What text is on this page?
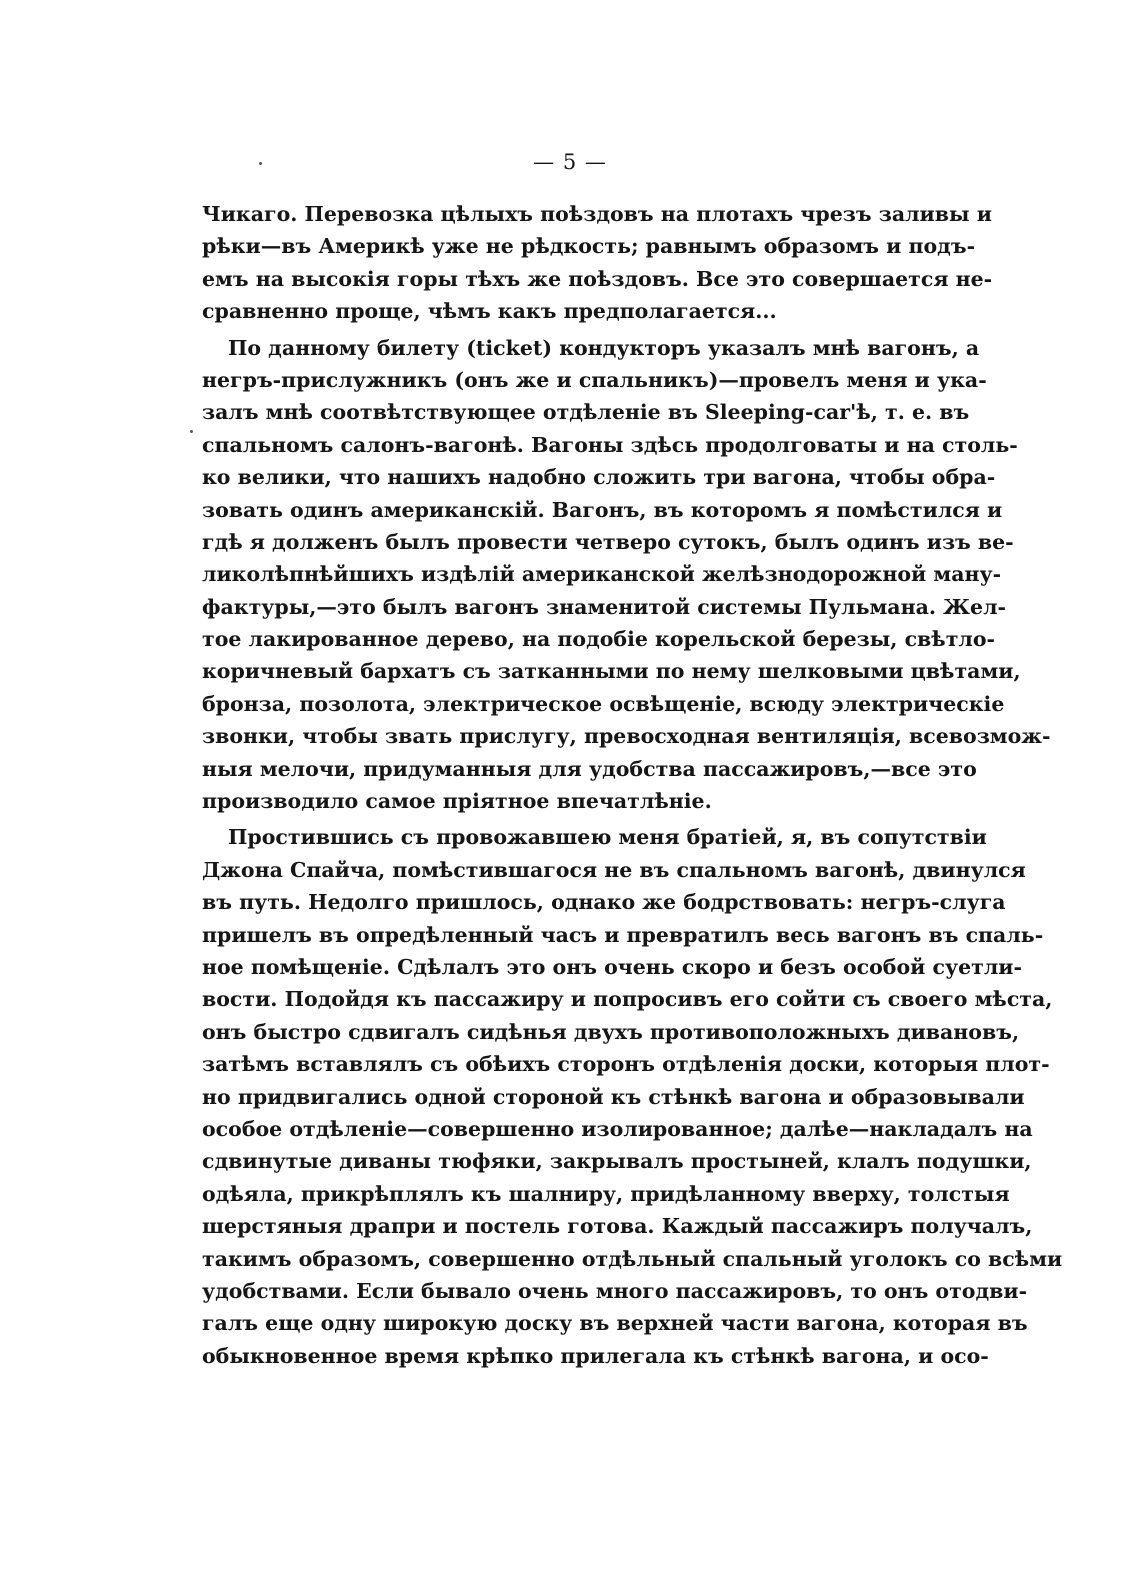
— 5 —
Чикаго. Перевозка цѣлыхъ поѣздовъ на плотахъ чрезъ заливы и
рѣки—въ Америкѣ уже не рѣдкость; равнымъ образомъ и подъ-
емъ на высокія горы тѣхъ же поѣздовъ. Все это совершается не-
сравненно проще, чѣмъ какъ предполагается...
По данному билету (ticket) кондукторъ указалъ мнѣ вагонъ, а
негръ-прислужникъ (онъ же и спальникъ)—провелъ меня и ука-
залъ мнѣ соотвѣтствующее отдѣленіе въ Sleeping-car'ѣ, т. е. въ
спальномъ салонъ-вагонѣ. Вагоны здѣсь продолговаты и на столь-
ко велики, что нашихъ надобно сложить три вагона, чтобы обра-
зовать одинъ американскій. Вагонъ, въ которомъ я помѣстился и
гдѣ я долженъ былъ провести четверо сутокъ, былъ одинъ изъ ве-
ликолѣпнѣйшихъ издѣлій американской желѣзнодорожной ману-
фактуры,—это былъ вагонъ знаменитой системы Пульмана. Жел-
тое лакированное дерево, на подобіе корельской березы, свѣтло-
коричневый бархатъ съ затканными по нему шелковыми цвѣтами,
бронза, позолота, электрическое освѣщеніе, всюду электрическіе
звонки, чтобы звать прислугу, превосходная вентиляція, всевозмож-
ныя мелочи, придуманныя для удобства пассажировъ,—все это
производило самое пріятное впечатлѣніе.
Простившись съ провожавшею меня братіей, я, въ сопутствіи
Джона Спайча, помѣстившагося не въ спальномъ вагонѣ, двинулся
въ путь. Недолго пришлось, однако же бодрствовать: негръ-слуга
пришелъ въ опредѣленный часъ и превратилъ весь вагонъ въ спаль-
ное помѣщеніе. Сдѣлалъ это онъ очень скоро и безъ особой суетли-
вости. Подойдя къ пассажиру и попросивъ его сойти съ своего мѣста,
онъ быстро сдвигалъ сидѣнья двухъ противоположныхъ дивановъ,
затѣмъ вставлялъ съ обѣихъ сторонъ отдѣленія доски, которыя плот-
но придвигались одной стороной къ стѣнкѣ вагона и образовывали
особое отдѣленіе—совершенно изолированное; далѣе—накладалъ на
сдвинутые диваны тюфяки, закрывалъ простыней, клалъ подушки,
одѣяла, прикрѣплялъ къ шалниру, придѣланному вверху, толстыя
шерстяныя драпри и постель готова. Каждый пассажиръ получалъ,
такимъ образомъ, совершенно отдѣльный спальный уголокъ со всѣми
удобствами. Если бывало очень много пассажировъ, то онъ отодви-
галъ еще одну широкую доску въ верхней части вагона, которая въ
обыкновенное время крѣпко прилегала къ стѣнкѣ вагона, и осо-
